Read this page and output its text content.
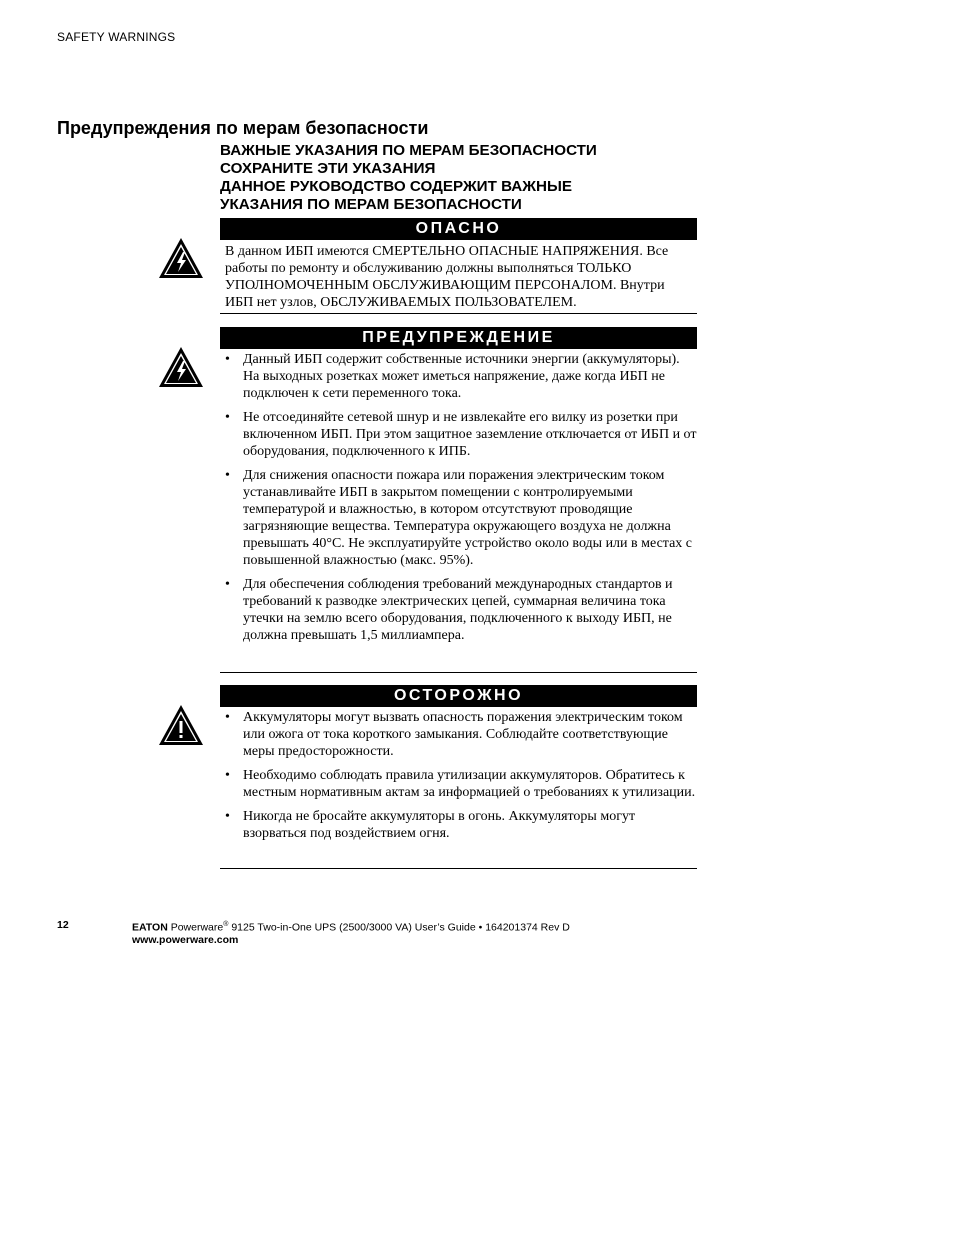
SAFETY WARNINGS
Предупреждения по мерам безопасности
ВАЖНЫЕ УКАЗАНИЯ ПО МЕРАМ БЕЗОПАСНОСТИ
СОХРАНИТЕ ЭТИ УКАЗАНИЯ
ДАННОЕ РУКОВОДСТВО СОДЕРЖИТ ВАЖНЫЕ
УКАЗАНИЯ ПО МЕРАМ БЕЗОПАСНОСТИ
ОПАСНО
В данном ИБП имеются СМЕРТЕЛЬНО ОПАСНЫЕ НАПРЯЖЕНИЯ. Все работы по ремонту и обслуживанию должны выполняться ТОЛЬКО УПОЛНОМОЧЕННЫМ ОБСЛУЖИВАЮЩИМ ПЕРСОНАЛОМ. Внутри ИБП нет узлов, ОБСЛУЖИВАЕМЫХ ПОЛЬЗОВАТЕЛЕМ.
ПРЕДУПРЕЖДЕНИЕ
• Данный ИБП содержит собственные источники энергии (аккумуляторы). На выходных розетках может иметься напряжение, даже когда ИБП не подключен к сети переменного тока.
• Не отсоединяйте сетевой шнур и не извлекайте его вилку из розетки при включенном ИБП. При этом защитное заземление отключается от ИБП и от оборудования, подключенного к ИПБ.
• Для снижения опасности пожара или поражения электрическим током устанавливайте ИБП в закрытом помещении с контролируемыми температурой и влажностью, в котором отсутствуют проводящие загрязняющие вещества. Температура окружающего воздуха не должна превышать 40°C. Не эксплуатируйте устройство около воды или в местах с повышенной влажностью (макс. 95%).
• Для обеспечения соблюдения требований международных стандартов и требований к разводке электрических цепей, суммарная величина тока утечки на землю всего оборудования, подключенного к выходу ИБП, не должна превышать 1,5 миллиампера.
ОСТОРОЖНО
• Аккумуляторы могут вызвать опасность поражения электрическим током или ожога от тока короткого замыкания. Соблюдайте соответствующие меры предосторожности.
• Необходимо соблюдать правила утилизации аккумуляторов. Обратитесь к местным нормативным актам за информацией о требованиях к утилизации.
• Никогда не бросайте аккумуляторы в огонь. Аккумуляторы могут взорваться под воздействием огня.
12	EATON Powerware® 9125 Two-in-One UPS (2500/3000 VA) User’s Guide • 164201374 Rev D
www.powerware.com
